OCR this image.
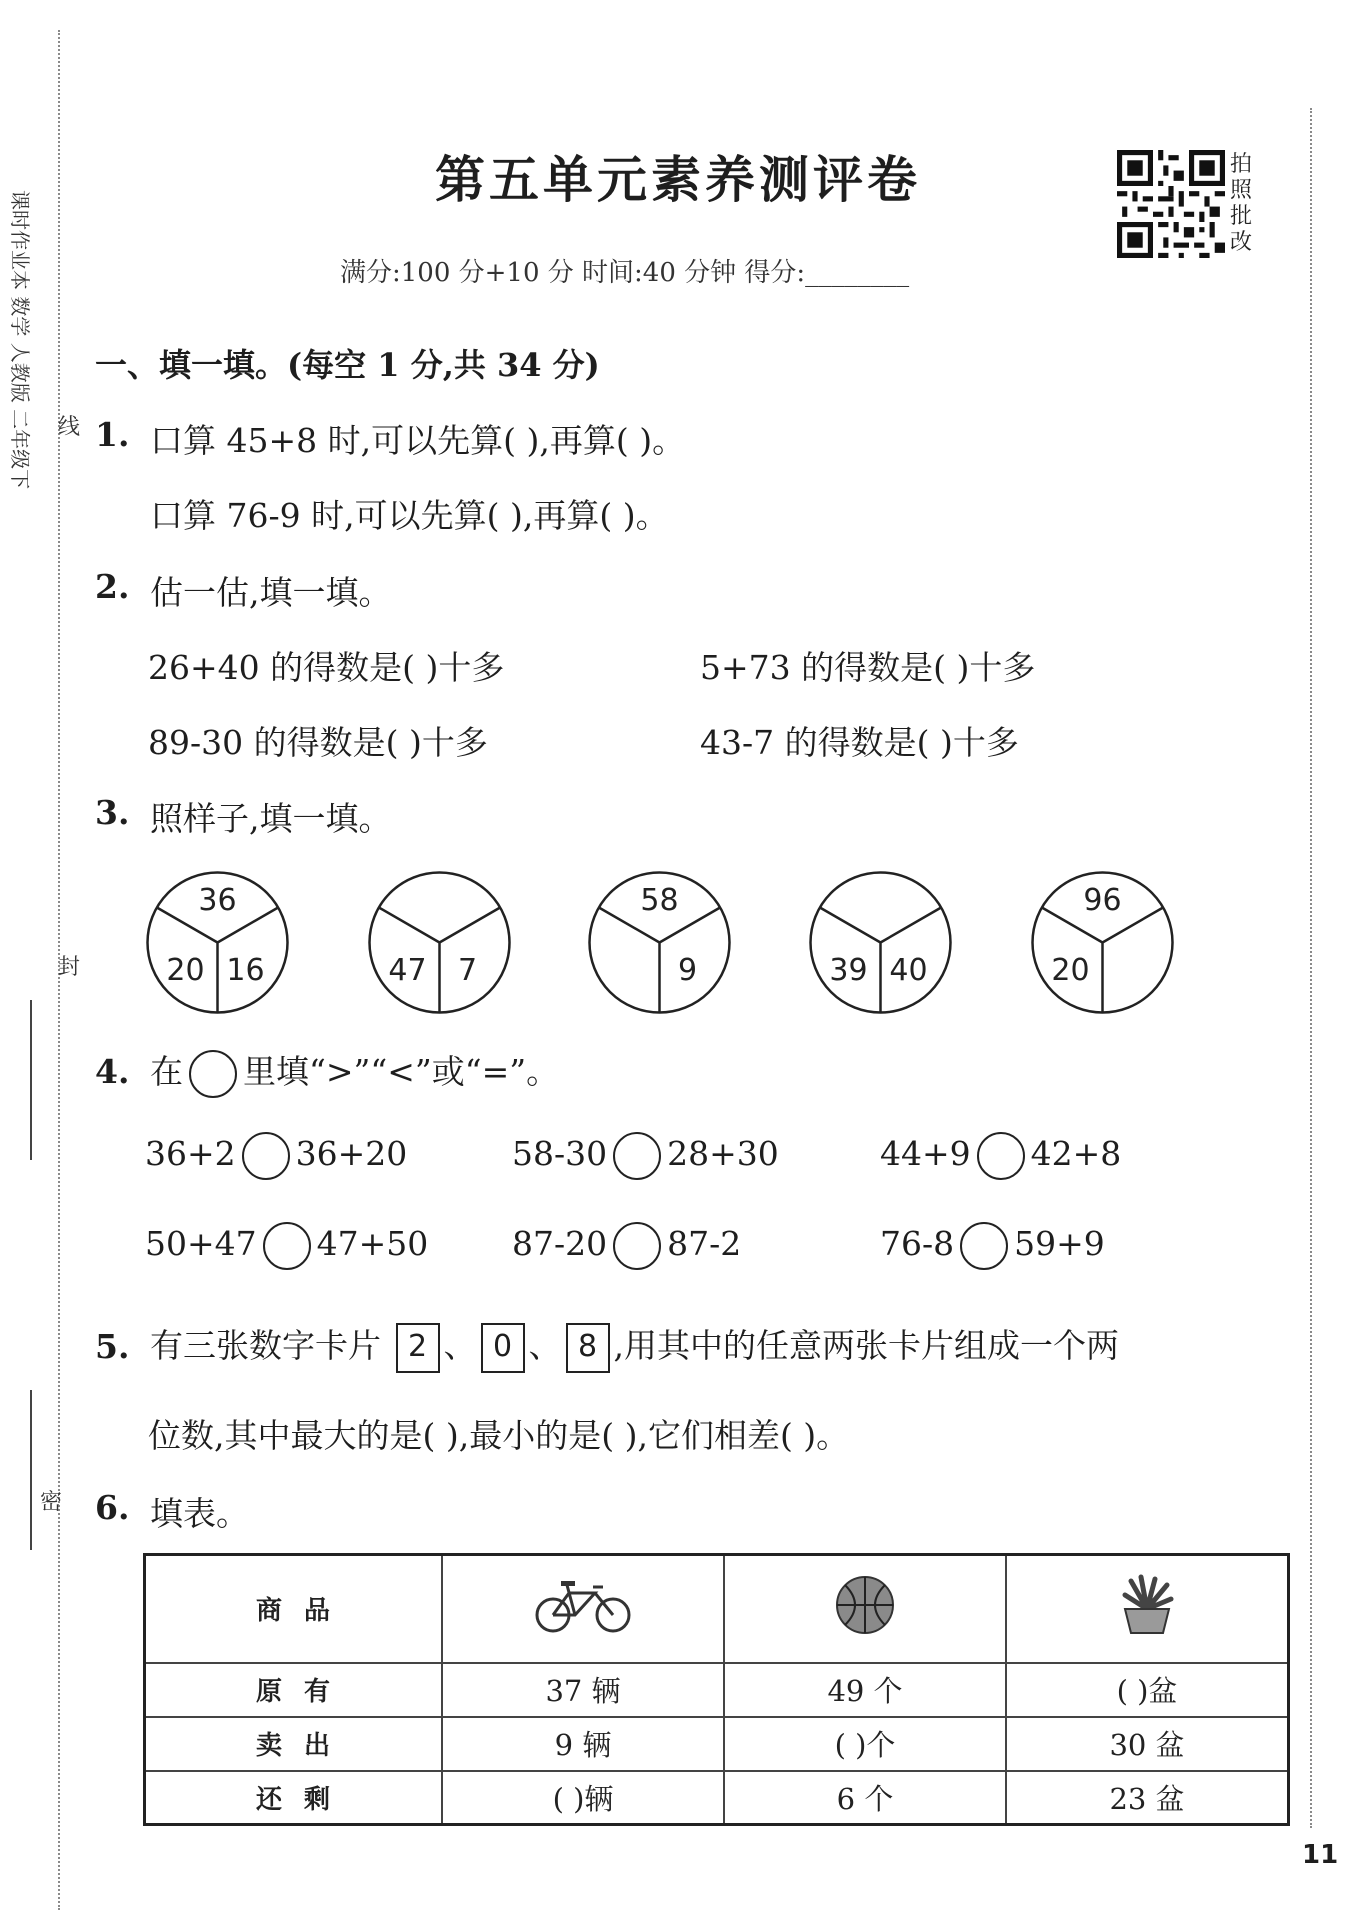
课时作业本 数学 人教版 二年级下 线
封
密
第五单元素养测评卷
满分:100 分+10 分 时间:40 分钟 得分:________
拍照批改
一、填一填。(每空 1 分,共 34 分)
1. 口算 45+8 时,可以先算( ),再算( )。
口算 76-9 时,可以先算( ),再算( )。
2. 估一估,填一填。
26+40 的得数是( )十多	5+73 的得数是( )十多
89-30 的得数是( )十多	43-7 的得数是( )十多
3. 照样子,填一填。
36
20 16	47 7
58
9	39 40
96
20
4. 在 里填“>”“<”或“=”。
36+2 36+20	58-30 28+30	44+9 42+8
50+47 47+50	87-20 87-2	76-8 59+9
5. 有三张数字卡片 2 、 0 、 8 ,用其中的任意两张卡片组成一个两
位数,其中最大的是( ),最小的是( ),它们相差( )。
6. 填表。
商品			
原有	37 辆	49 个	( )盆
卖出	9 辆	( )个	30 盆
还剩	( )辆	6 个	23 盆
11
